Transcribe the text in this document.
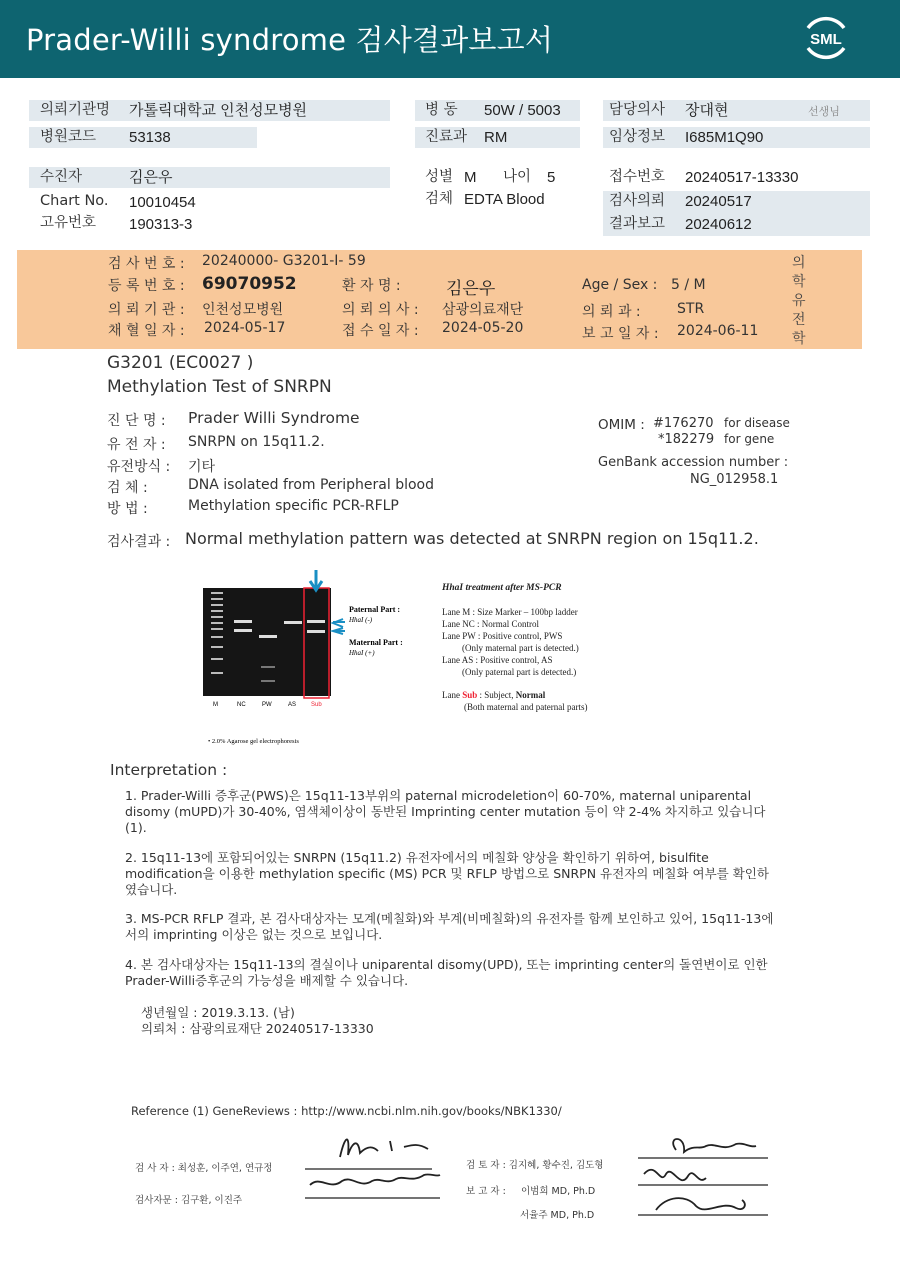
Prader-Willi syndrome 검사결과보고서	SML
의뢰기관명 가톨릭대학교 인천성모병원
병원코드 53138
병 동 50W / 5003
진료과 RM
담당의사 장대현	선생님
임상정보 I685M1Q90
수진자	김은우
Chart No. 10010454
고유번호 190313-3
성별 M 나이 5
검체 EDTA Blood
접수번호 20240517-13330
검사의뢰 20240517
결과보고 20240612
검 사 번 호 : 20240000- G3201-I- 59
등 록 번 호 : 69070952	환 자 명 :	김은우	Age / Sex : 5 / M
의 뢰 기 관 : 인천성모병원	의 뢰 의 사 : 삼광의료재단	의 뢰 과 :	STR
채 혈 일 자 : 2024-05-17	접 수 일 자 : 2024-05-20	보 고 일 자 : 2024-06-11
의학유전학
G3201 (EC0027 )
Methylation Test of SNRPN
진 단 명 : Prader Willi Syndrome
유 전 자 : SNRPN on 15q11.2.
유전방식 : 기타
검 체 :	DNA isolated from Peripheral blood
방 법 :	Methylation specific PCR-RFLP
OMIM : #176270 for disease
*182279 for gene
GenBank accession number :
NG_012958.1
검사결과 : Normal methylation pattern was detected at SNRPN region on 15q11.2.
Paternal Part :
HhaI (-)
Maternal Part :
HhaI (+)
M	NC	PW	AS Sub
• 2.0% Agarose gel electrophoresis
HhaI treatment after MS-PCR
Lane M : Size Marker – 100bp ladder
Lane NC : Normal Control
Lane PW : Positive control, PWS
(Only maternal part is detected.)
Lane AS : Positive control, AS
(Only paternal part is detected.)
Lane Sub : Subject, Normal
(Both maternal and paternal parts)
Interpretation :
1. Prader-Willi 증후군(PWS)은 15q11-13부위의 paternal microdeletion이 60-70%, maternal uniparental disomy (mUPD)가 30-40%, 염색체이상이 동반된 Imprinting center mutation 등이 약 2-4% 차지하고 있습니다 (1).
2. 15q11-13에 포함되어있는 SNRPN (15q11.2) 유전자에서의 메칠화 양상을 확인하기 위하여, bisulfite modification을 이용한 methylation specific (MS) PCR 및 RFLP 방법으로 SNRPN 유전자의 메칠화 여부를 확인하였습니다.
3. MS-PCR RFLP 결과, 본 검사대상자는 모계(메칠화)와 부계(비메칠화)의 유전자를 함께 보인하고 있어, 15q11-13에서의 imprinting 이상은 없는 것으로 보입니다.
4. 본 검사대상자는 15q11-13의 결실이나 uniparental disomy(UPD), 또는 imprinting center의 돌연변이로 인한 Prader-Willi증후군의 가능성을 배제할 수 있습니다.
생년월일 : 2019.3.13. (남)
의뢰처 : 삼광의료재단 20240517-13330
Reference (1) GeneReviews : http://www.ncbi.nlm.nih.gov/books/NBK1330/
검 사 자 : 최성훈, 이주연, 연규정
검사자문 : 김구환, 이진주
검 토 자 : 김지혜, 황수진, 김도형
보 고 자 : 이범희 MD, Ph.D
서율주 MD, Ph.D
